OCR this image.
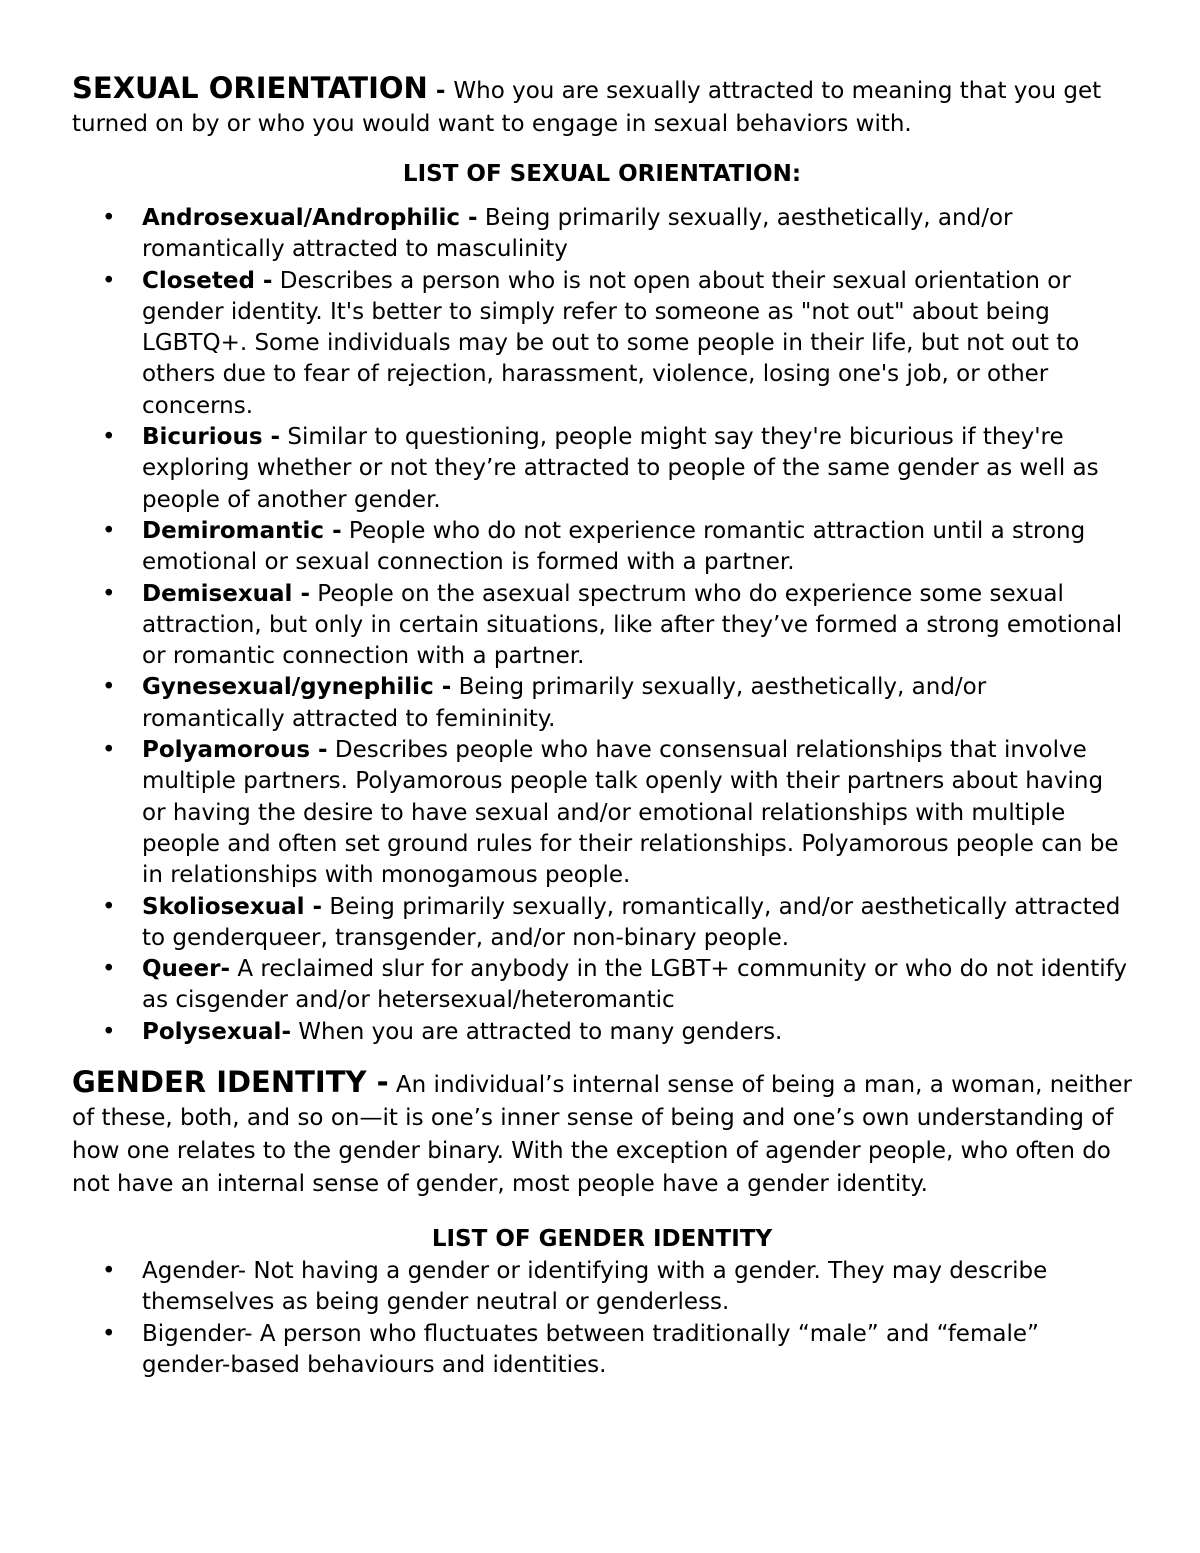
SEXUAL ORIENTATION - Who you are sexually attracted to meaning that you get turned on by or who you would want to engage in sexual behaviors with.

LIST OF SEXUAL ORIENTATION:

• Androsexual/Androphilic - Being primarily sexually, aesthetically, and/or romantically attracted to masculinity
• Closeted - Describes a person who is not open about their sexual orientation or gender identity. It's better to simply refer to someone as "not out" about being LGBTQ+. Some individuals may be out to some people in their life, but not out to others due to fear of rejection, harassment, violence, losing one's job, or other concerns.
• Bicurious - Similar to questioning, people might say they're bicurious if they're exploring whether or not they’re attracted to people of the same gender as well as people of another gender.
• Demiromantic - People who do not experience romantic attraction until a strong emotional or sexual connection is formed with a partner.
• Demisexual - People on the asexual spectrum who do experience some sexual attraction, but only in certain situations, like after they’ve formed a strong emotional or romantic connection with a partner.
• Gynesexual/gynephilic - Being primarily sexually, aesthetically, and/or romantically attracted to femininity.
• Polyamorous - Describes people who have consensual relationships that involve multiple partners. Polyamorous people talk openly with their partners about having or having the desire to have sexual and/or emotional relationships with multiple people and often set ground rules for their relationships. Polyamorous people can be in relationships with monogamous people.
• Skoliosexual - Being primarily sexually, romantically, and/or aesthetically attracted to genderqueer, transgender, and/or non-binary people.
• Queer- A reclaimed slur for anybody in the LGBT+ community or who do not identify as cisgender and/or hetersexual/heteromantic
• Polysexual- When you are attracted to many genders.

GENDER IDENTITY - An individual’s internal sense of being a man, a woman, neither of these, both, and so on—it is one’s inner sense of being and one’s own understanding of how one relates to the gender binary. With the exception of agender people, who often do not have an internal sense of gender, most people have a gender identity.

LIST OF GENDER IDENTITY

• Agender- Not having a gender or identifying with a gender. They may describe themselves as being gender neutral or genderless.
• Bigender- A person who fluctuates between traditionally “male” and “female” gender-based behaviours and identities.
